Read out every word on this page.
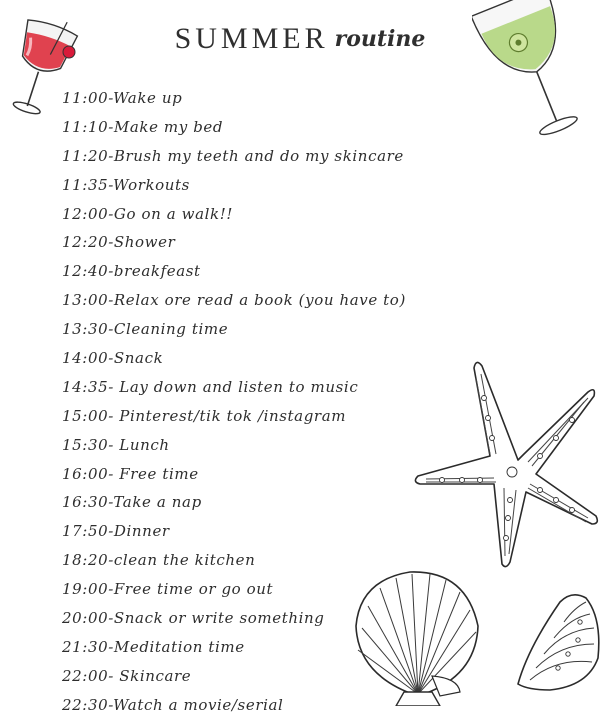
SUMMER routine
11:00-Wake up
11:10-Make my bed
11:20-Brush my teeth and do my skincare
11:35-Workouts
12:00-Go on a walk!!
12:20-Shower
12:40-breakfeast
13:00-Relax ore read a book (you have to)
13:30-Cleaning time
14:00-Snack
14:35- Lay down and listen to music
15:00- Pinterest/tik tok /instagram
15:30- Lunch
16:00- Free time
16:30-Take a nap
17:50-Dinner
18:20-clean the kitchen
19:00-Free time or go out
20:00-Snack or write something
21:30-Meditation time
22:00- Skincare
22:30-Watch a movie/serial
